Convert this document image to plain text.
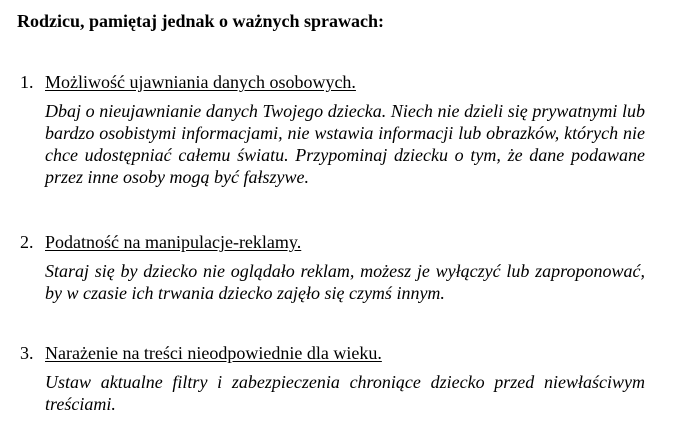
Rodzicu, pamiętaj jednak o ważnych sprawach:
1. Możliwość ujawniania danych osobowych.
Dbaj o nieujawnianie danych Twojego dziecka. Niech nie dzieli się prywatnymi lub bardzo osobistymi informacjami, nie wstawia informacji lub obrazków, których nie chce udostępniać całemu światu. Przypominaj dziecku o tym, że dane podawane przez inne osoby mogą być fałszywe.
2. Podatność na manipulacje-reklamy.
Staraj się by dziecko nie oglądało reklam, możesz je wyłączyć lub zaproponować, by w czasie ich trwania dziecko zajęło się czymś innym.
3. Narażenie na treści nieodpowiednie dla wieku.
Ustaw aktualne filtry i zabezpieczenia chroniące dziecko przed niewłaściwym treściami.
